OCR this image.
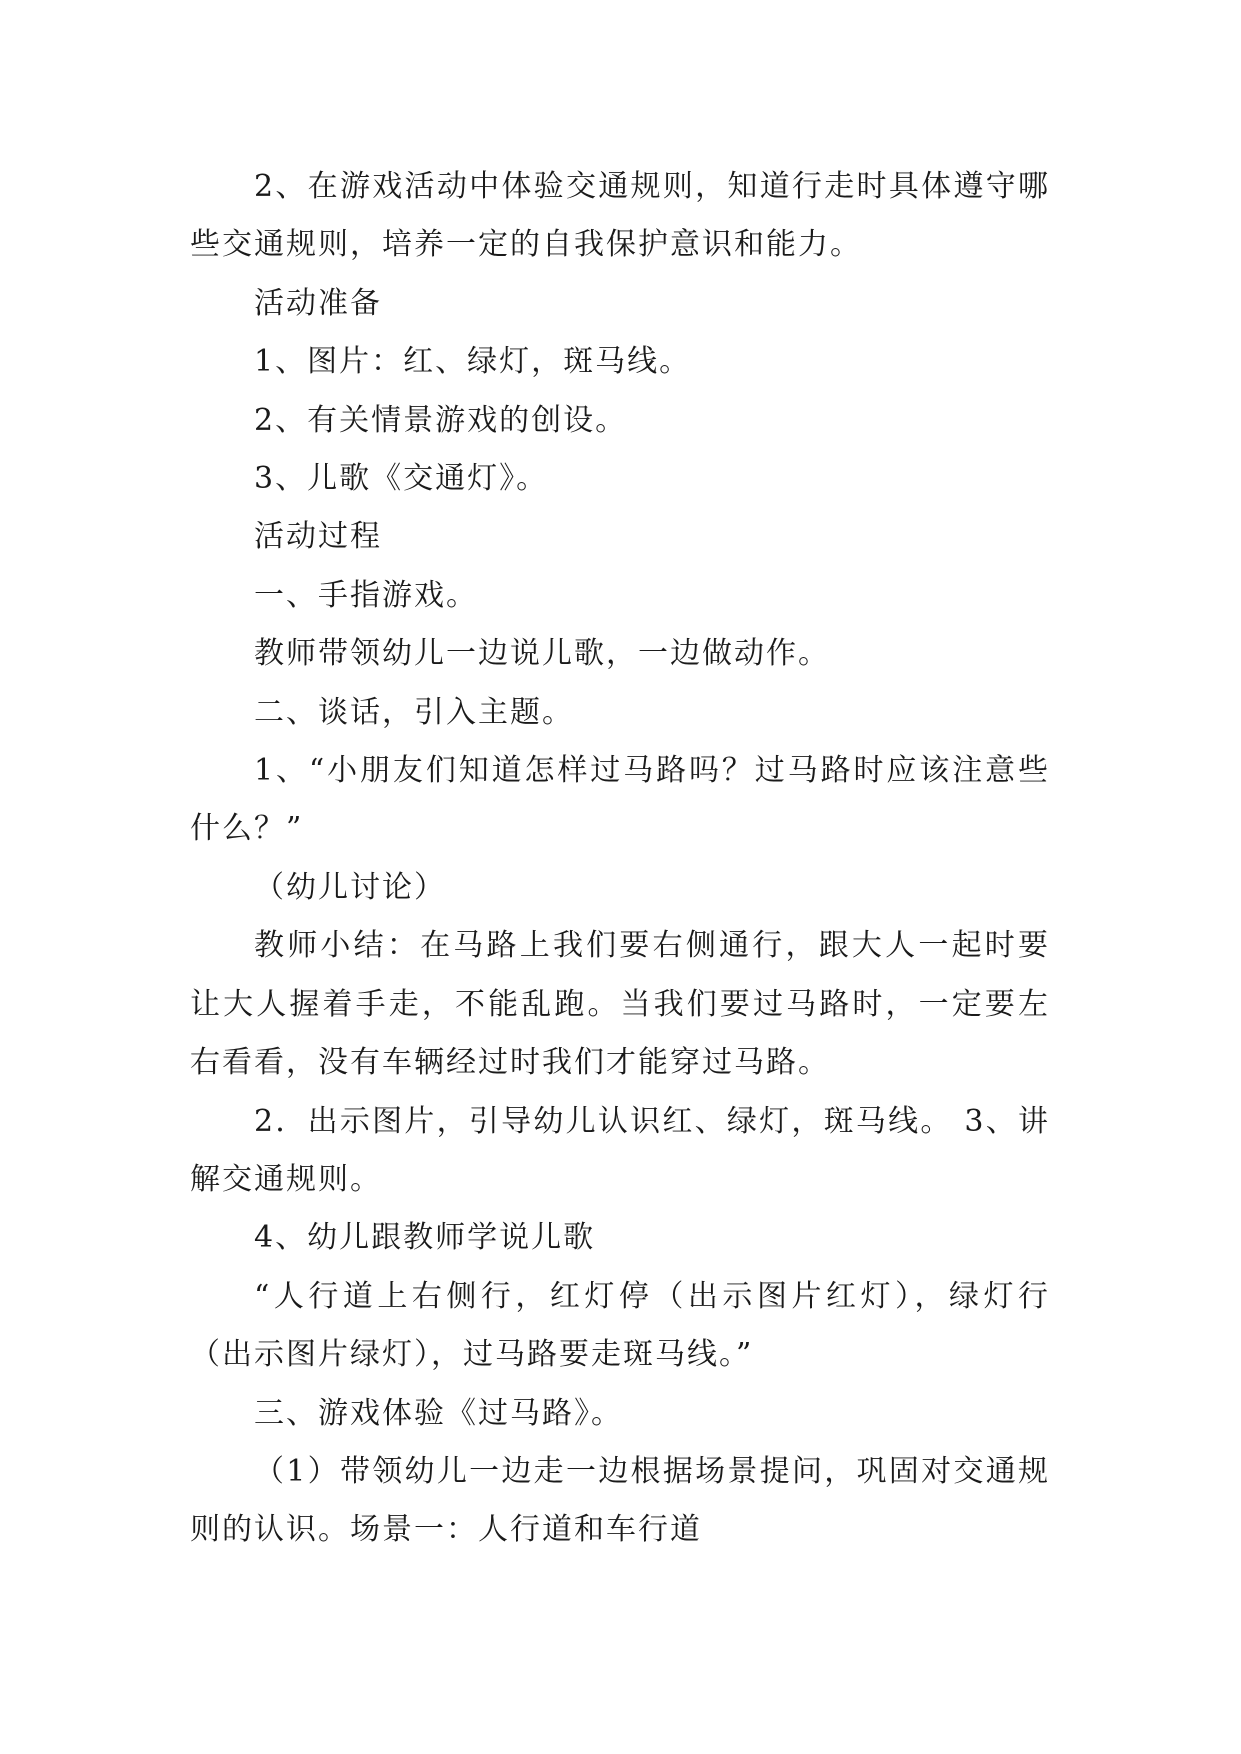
2、在游戏活动中体验交通规则，知道行走时具体遵守哪些交通规则，培养一定的自我保护意识和能力。

活动准备

1、图片：红、绿灯，斑马线。

2、有关情景游戏的创设。

3、儿歌《交通灯》。

活动过程

一、手指游戏。

教师带领幼儿一边说儿歌，一边做动作。

二、谈话，引入主题。

1、“小朋友们知道怎样过马路吗？过马路时应该注意些什么？”

（幼儿讨论）

教师小结：在马路上我们要右侧通行，跟大人一起时要让大人握着手走，不能乱跑。当我们要过马路时，一定要左右看看，没有车辆经过时我们才能穿过马路。

2．出示图片，引导幼儿认识红、绿灯，斑马线。 3、讲解交通规则。

4、幼儿跟教师学说儿歌

“人行道上右侧行，红灯停（出示图片红灯），绿灯行（出示图片绿灯），过马路要走斑马线。”

三、游戏体验《过马路》。

（1）带领幼儿一边走一边根据场景提问，巩固对交通规则的认识。场景一：人行道和车行道
